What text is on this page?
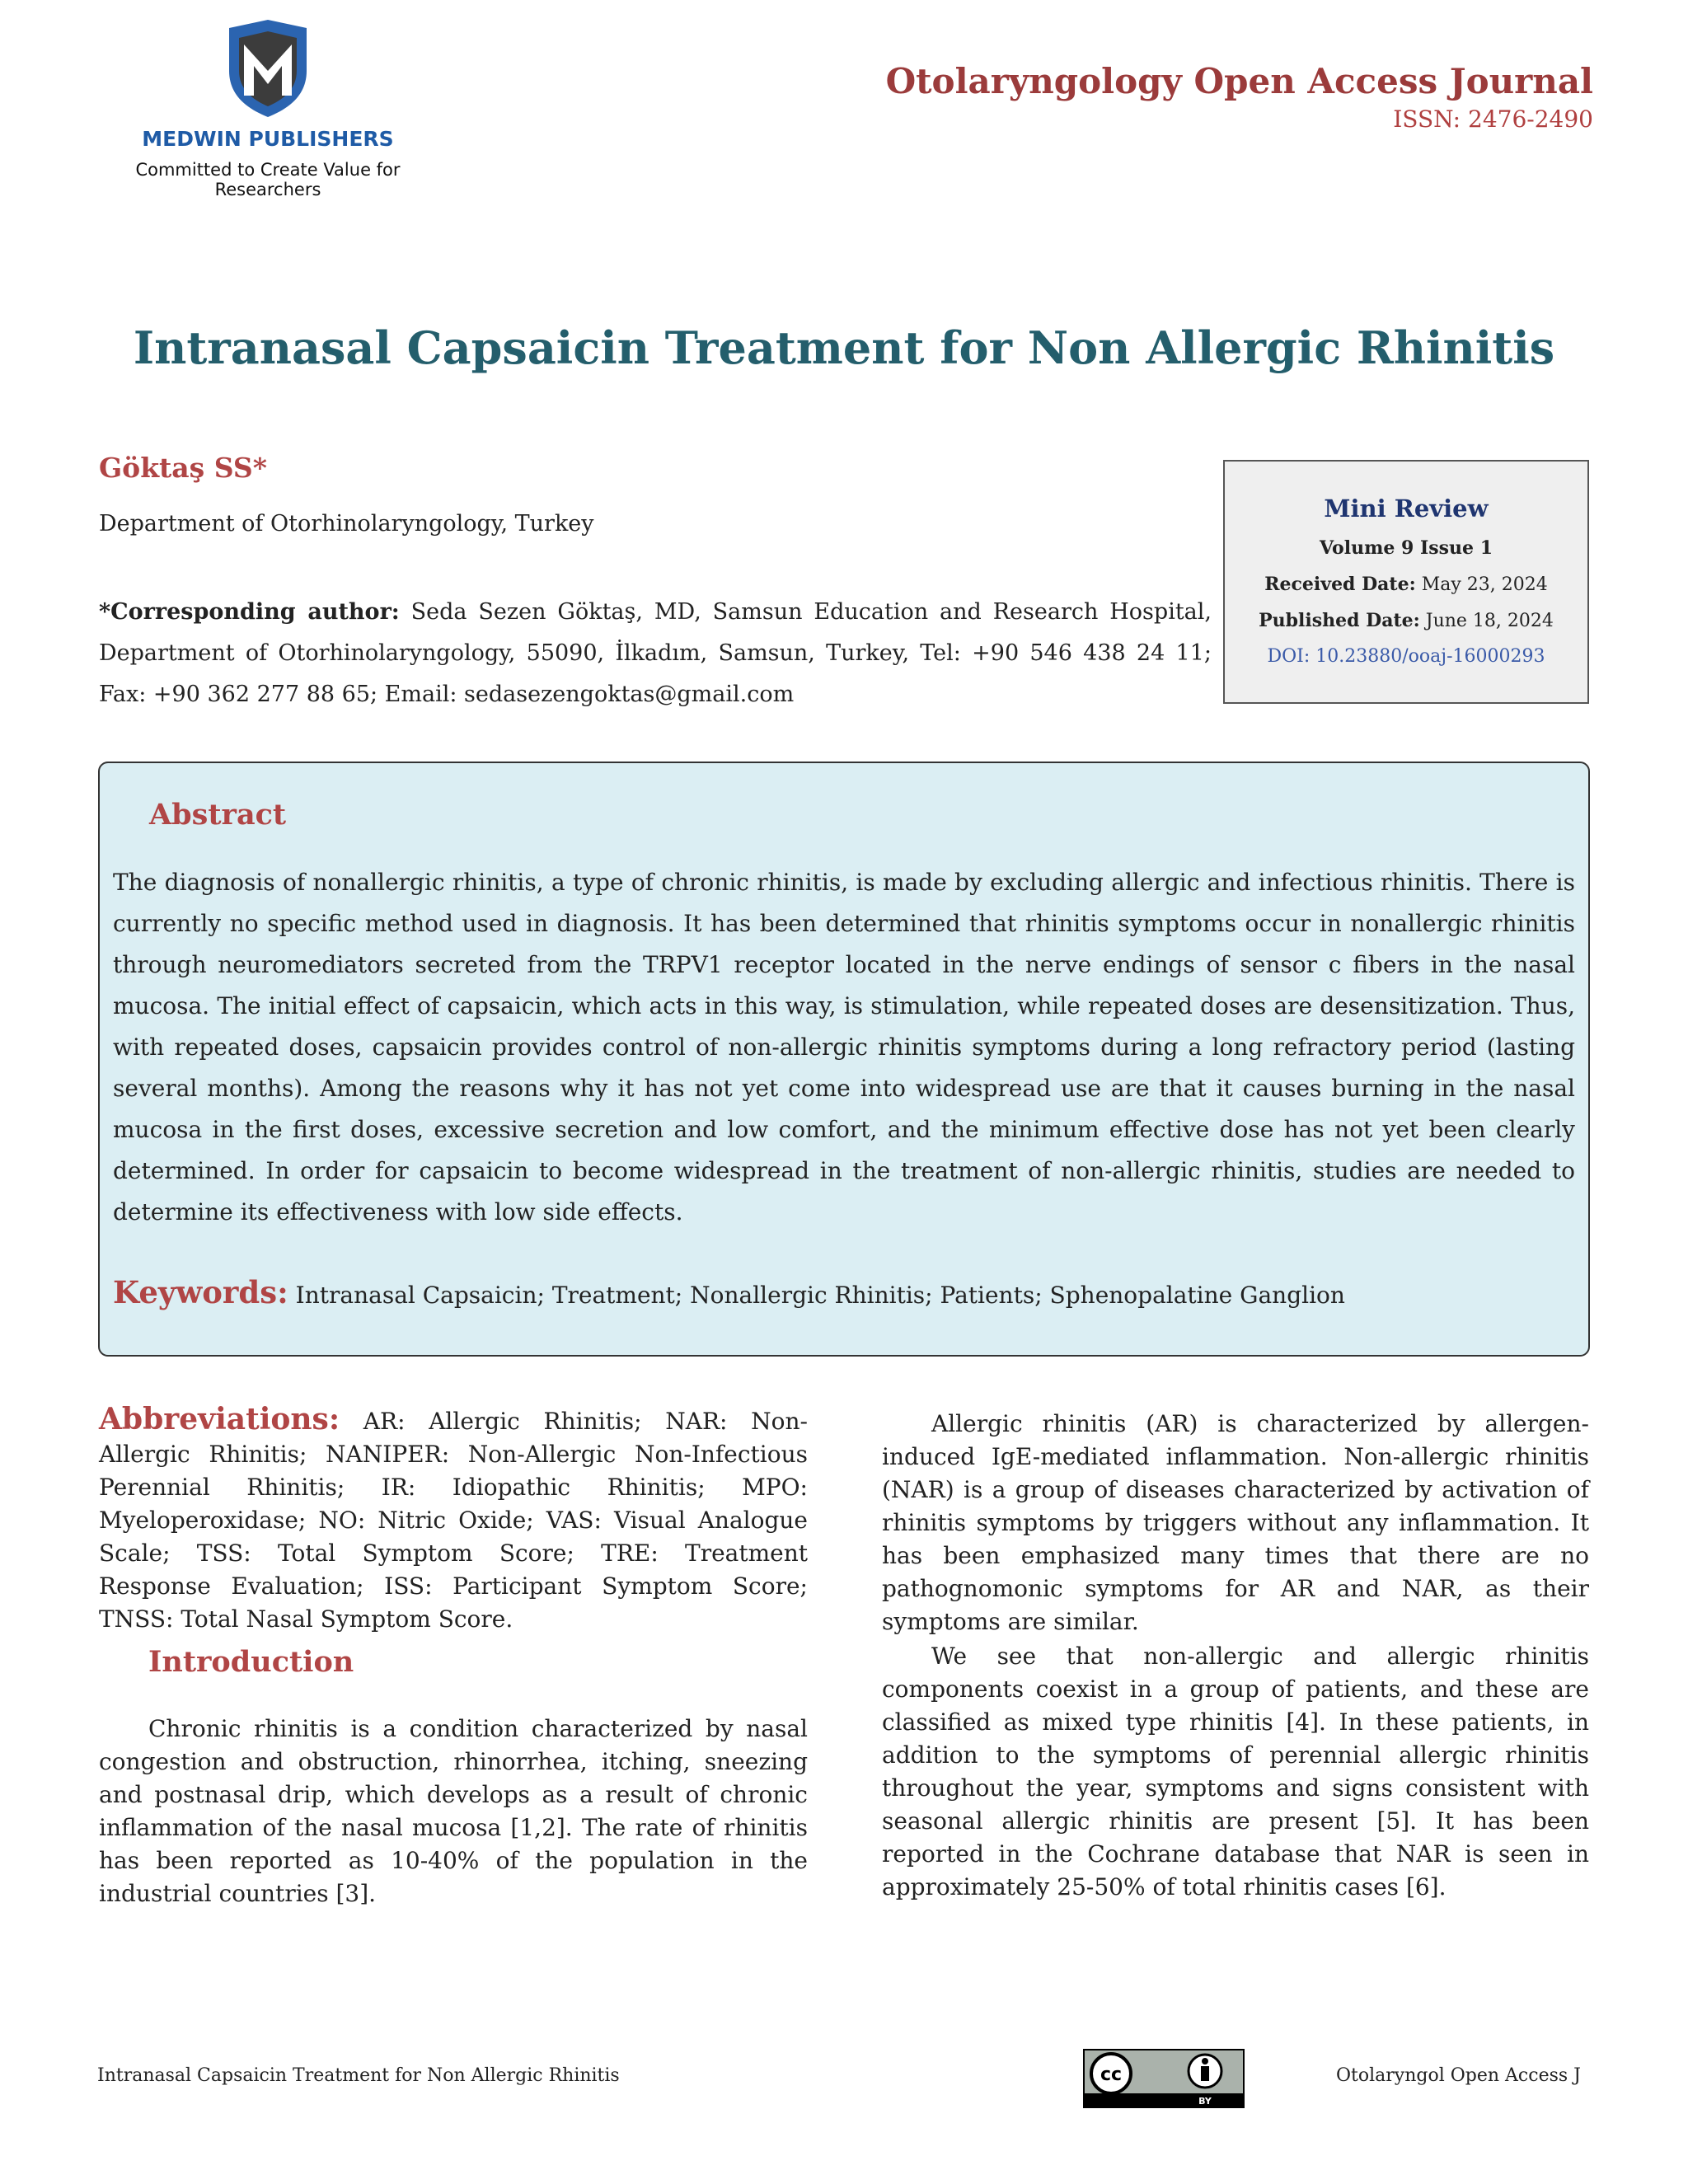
MEDWIN PUBLISHERS
Committed to Create Value for Researchers
Otolaryngology Open Access Journal
ISSN: 2476-2490
Intranasal Capsaicin Treatment for Non Allergic Rhinitis
Göktaş SS*
Department of Otorhinolaryngology, Turkey
*Corresponding author: Seda Sezen Göktaş, MD, Samsun Education and Research Hospital, Department of Otorhinolaryngology, 55090, İlkadım, Samsun, Turkey, Tel: +90 546 438 24 11; Fax: +90 362 277 88 65; Email: sedasezengoktas@gmail.com
Mini Review
Volume 9 Issue 1
Received Date: May 23, 2024
Published Date: June 18, 2024
DOI: 10.23880/ooaj-16000293
Abstract
The diagnosis of nonallergic rhinitis, a type of chronic rhinitis, is made by excluding allergic and infectious rhinitis. There is currently no specific method used in diagnosis. It has been determined that rhinitis symptoms occur in nonallergic rhinitis through neuromediators secreted from the TRPV1 receptor located in the nerve endings of sensor c fibers in the nasal mucosa. The initial effect of capsaicin, which acts in this way, is stimulation, while repeated doses are desensitization. Thus, with repeated doses, capsaicin provides control of non-allergic rhinitis symptoms during a long refractory period (lasting several months). Among the reasons why it has not yet come into widespread use are that it causes burning in the nasal mucosa in the first doses, excessive secretion and low comfort, and the minimum effective dose has not yet been clearly determined. In order for capsaicin to become widespread in the treatment of non-allergic rhinitis, studies are needed to determine its effectiveness with low side effects.
Keywords: Intranasal Capsaicin; Treatment; Nonallergic Rhinitis; Patients; Sphenopalatine Ganglion
Abbreviations: AR: Allergic Rhinitis; NAR: Non-Allergic Rhinitis; NANIPER: Non-Allergic Non-Infectious Perennial Rhinitis; IR: Idiopathic Rhinitis; MPO: Myeloperoxidase; NO: Nitric Oxide; VAS: Visual Analogue Scale; TSS: Total Symptom Score; TRE: Treatment Response Evaluation; ISS: Participant Symptom Score; TNSS: Total Nasal Symptom Score.
Introduction
Chronic rhinitis is a condition characterized by nasal congestion and obstruction, rhinorrhea, itching, sneezing and postnasal drip, which develops as a result of chronic inflammation of the nasal mucosa [1,2]. The rate of rhinitis has been reported as 10-40% of the population in the industrial countries [3].
Allergic rhinitis (AR) is characterized by allergen-induced IgE-mediated inflammation. Non-allergic rhinitis (NAR) is a group of diseases characterized by activation of rhinitis symptoms by triggers without any inflammation. It has been emphasized many times that there are no pathognomonic symptoms for AR and NAR, as their symptoms are similar.
We see that non-allergic and allergic rhinitis components coexist in a group of patients, and these are classified as mixed type rhinitis [4]. In these patients, in addition to the symptoms of perennial allergic rhinitis throughout the year, symptoms and signs consistent with seasonal allergic rhinitis are present [5]. It has been reported in the Cochrane database that NAR is seen in approximately 25-50% of total rhinitis cases [6].
Intranasal Capsaicin Treatment for Non Allergic Rhinitis
BY
cc	Otolaryngol Open Access J
